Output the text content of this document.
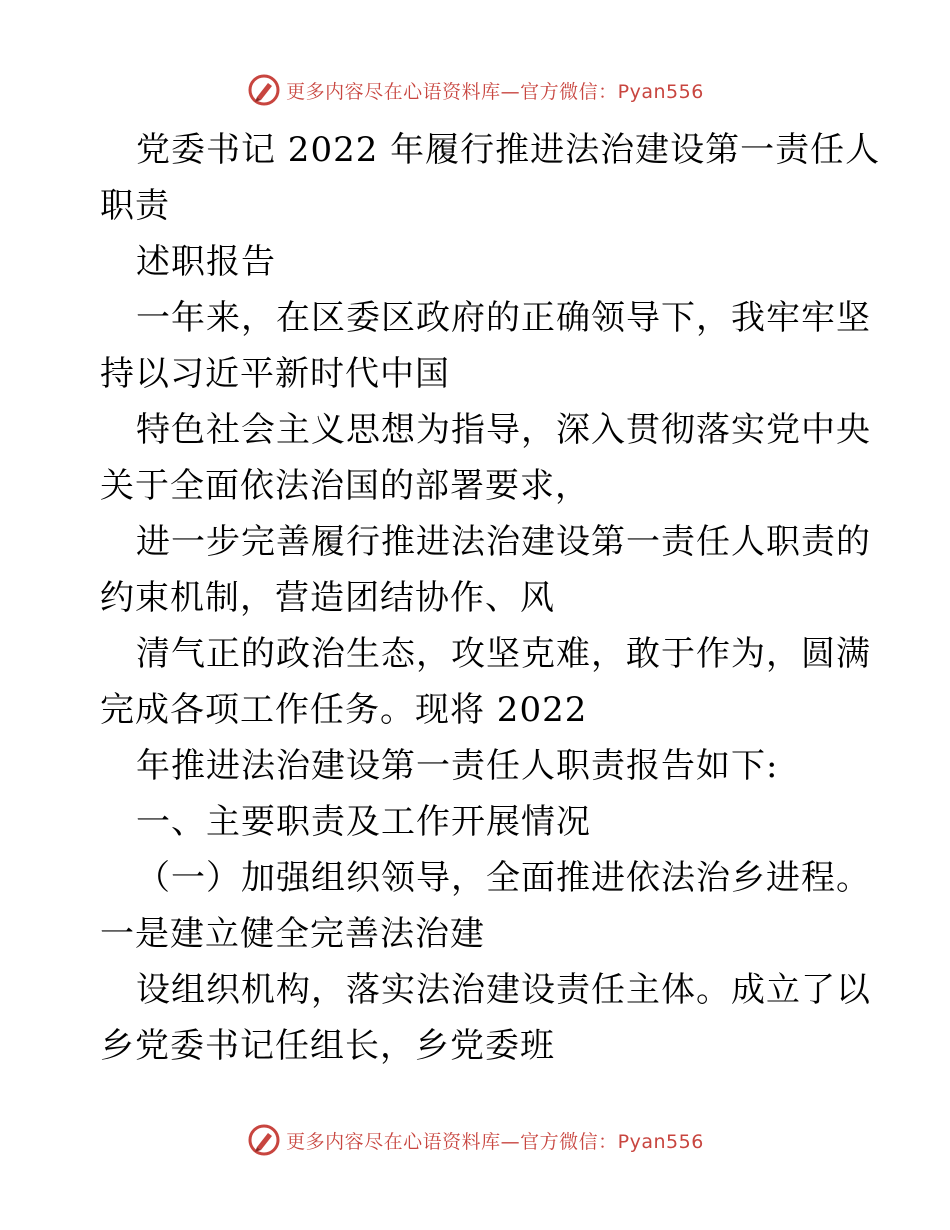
更多内容尽在心语资料库—官方微信：Pyan556
党委书记 2022 年履行推进法治建设第一责任人
职责
述职报告
一年来，在区委区政府的正确领导下，我牢牢坚
持以习近平新时代中国
特色社会主义思想为指导，深入贯彻落实党中央
关于全面依法治国的部署要求，
进一步完善履行推进法治建设第一责任人职责的
约束机制，营造团结协作、风
清气正的政治生态，攻坚克难，敢于作为，圆满
完成各项工作任务。现将 2022
年推进法治建设第一责任人职责报告如下:
一、主要职责及工作开展情况
（一）加强组织领导，全面推进依法治乡进程。
一是建立健全完善法治建
设组织机构，落实法治建设责任主体。成立了以
乡党委书记任组长，乡党委班
更多内容尽在心语资料库—官方微信：Pyan556
